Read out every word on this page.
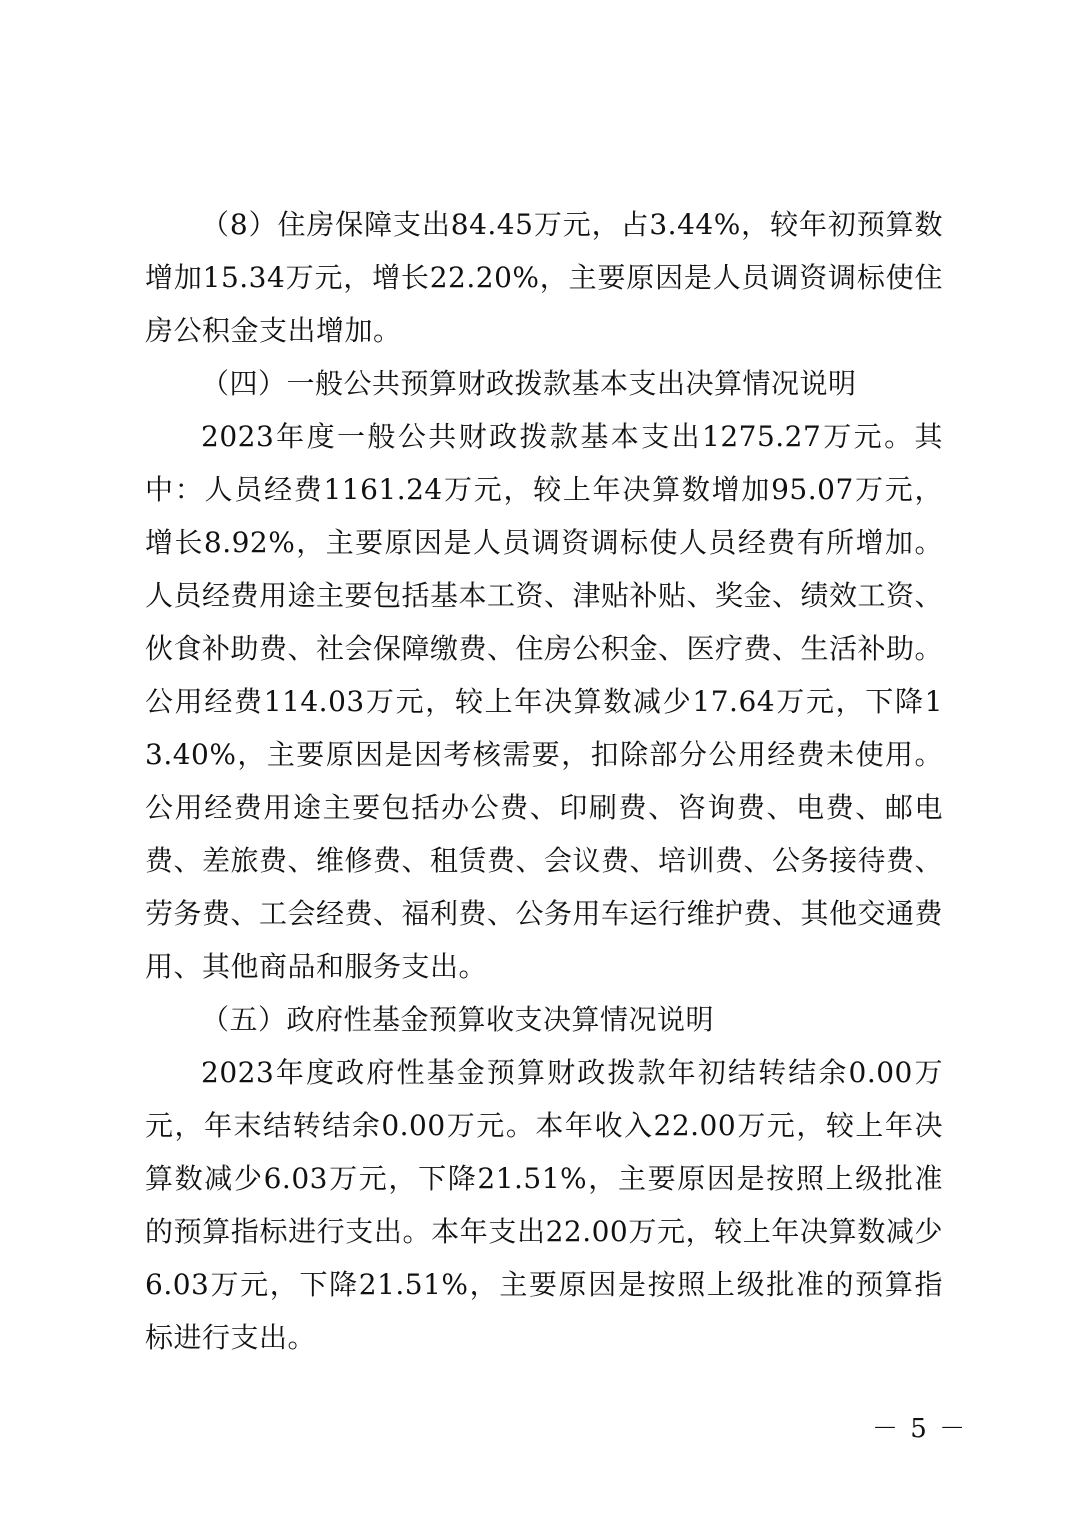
（8）住房保障支出84.45万元，占3.44%，较年初预算数增加15.34万元，增长22.20%，主要原因是人员调资调标使住房公积金支出增加。

（四）一般公共预算财政拨款基本支出决算情况说明

2023年度一般公共财政拨款基本支出1275.27万元。其中：人员经费1161.24万元，较上年决算数增加95.07万元，增长8.92%，主要原因是人员调资调标使人员经费有所增加。人员经费用途主要包括基本工资、津贴补贴、奖金、绩效工资、伙食补助费、社会保障缴费、住房公积金、医疗费、生活补助。公用经费114.03万元，较上年决算数减少17.64万元，下降13.40%，主要原因是因考核需要，扣除部分公用经费未使用。公用经费用途主要包括办公费、印刷费、咨询费、电费、邮电费、差旅费、维修费、租赁费、会议费、培训费、公务接待费、劳务费、工会经费、福利费、公务用车运行维护费、其他交通费用、其他商品和服务支出。

（五）政府性基金预算收支决算情况说明

2023年度政府性基金预算财政拨款年初结转结余0.00万元，年末结转结余0.00万元。本年收入22.00万元，较上年决算数减少6.03万元，下降21.51%，主要原因是按照上级批准的预算指标进行支出。本年支出22.00万元，较上年决算数减少6.03万元，下降21.51%，主要原因是按照上级批准的预算指标进行支出。

－ 5 －
